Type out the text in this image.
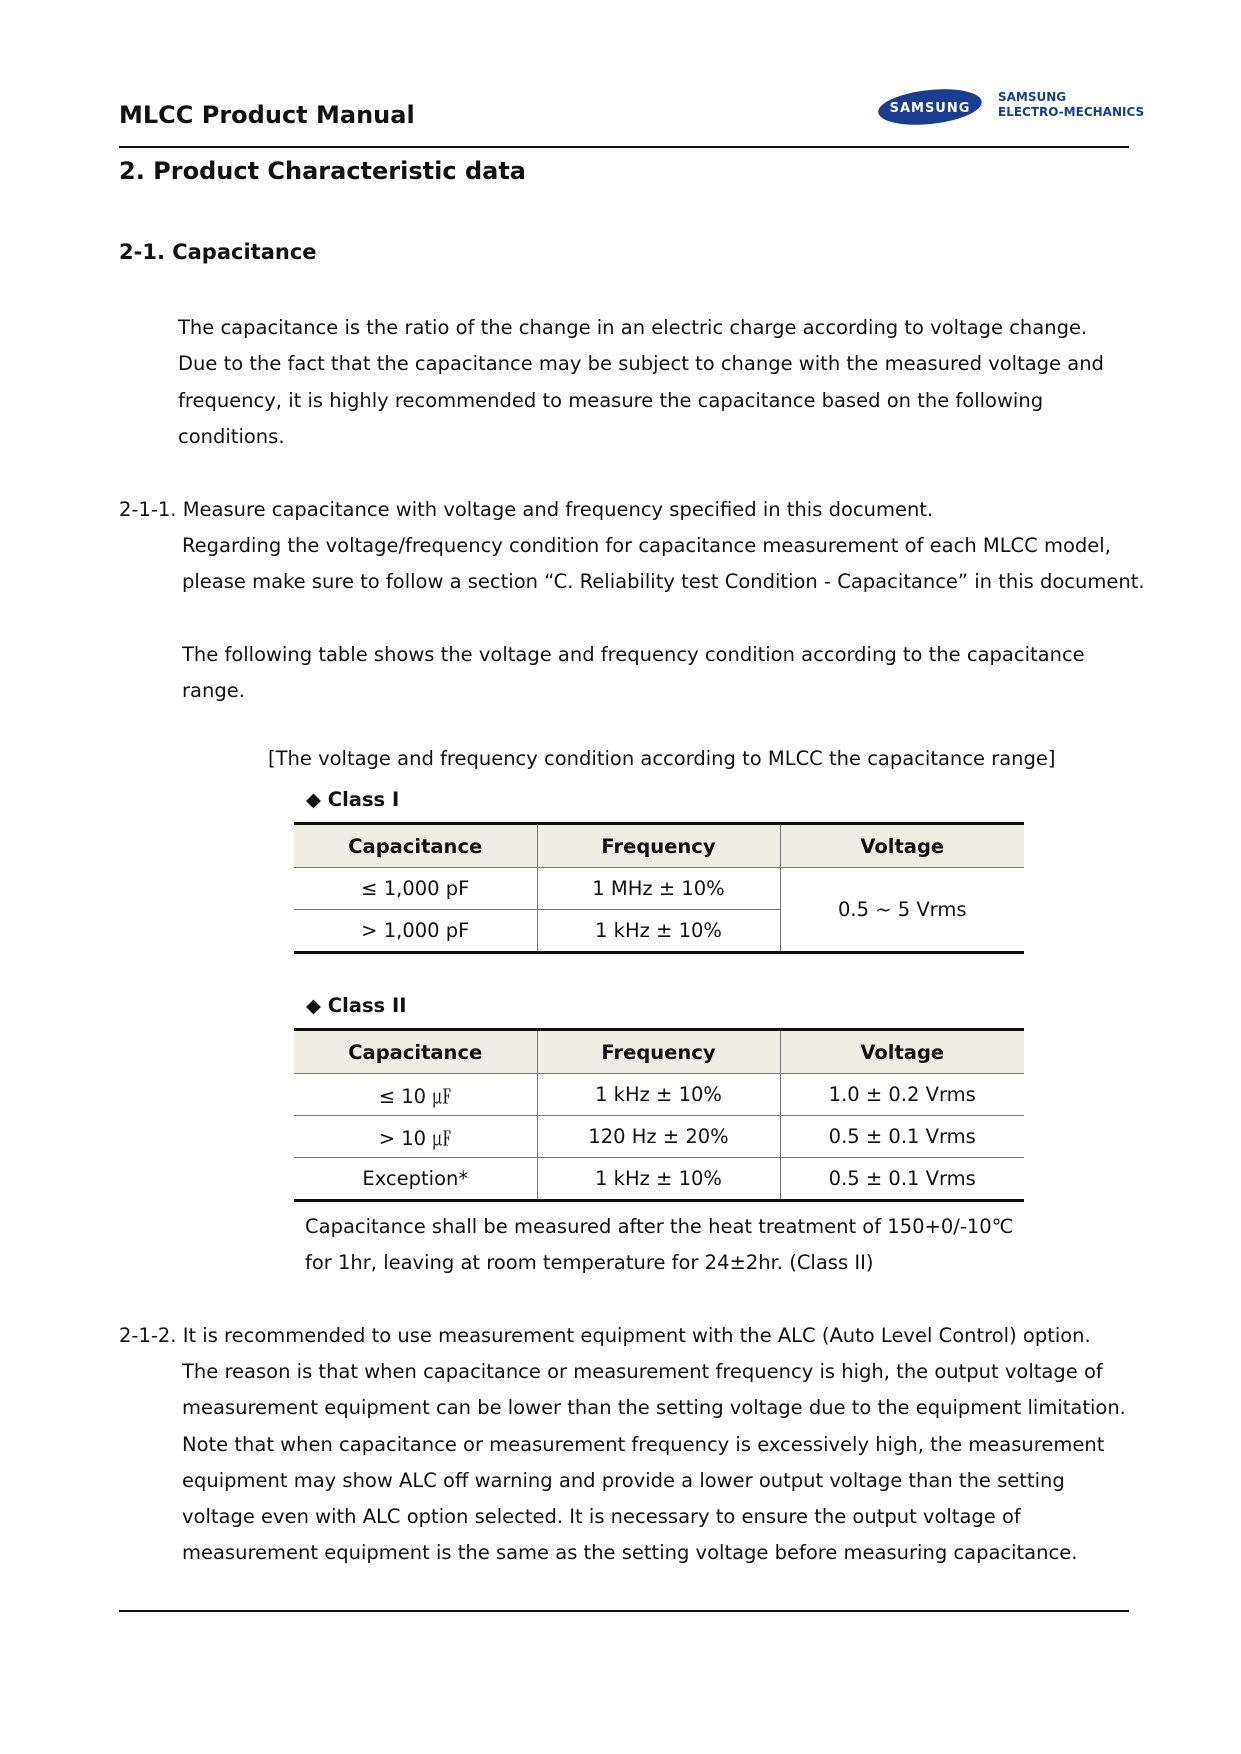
MLCC Product Manual	SAMSUNG
SAMSUNG
ELECTRO-MECHANICS
2. Product Characteristic data
2-1. Capacitance
The capacitance is the ratio of the change in an electric charge according to voltage change.
Due to the fact that the capacitance may be subject to change with the measured voltage and
frequency, it is highly recommended to measure the capacitance based on the following
conditions.
2-1-1. Measure capacitance with voltage and frequency specified in this document.
Regarding the voltage/frequency condition for capacitance measurement of each MLCC model,
please make sure to follow a section “C. Reliability test Condition - Capacitance” in this document.
The following table shows the voltage and frequency condition according to the capacitance
range.
[The voltage and frequency condition according to MLCC the capacitance range]
◆ Class I
Capacitance	Frequency	Voltage
≤ 1,000 pF	1 MHz ± 10%	0.5 ~ 5 Vrms
> 1,000 pF	1 kHz ± 10%	
◆ Class II
Capacitance	Frequency	Voltage
≤ 10 ㎌	1 kHz ± 10%	1.0 ± 0.2 Vrms
> 10 ㎌	120 Hz ± 20%	0.5 ± 0.1 Vrms
Exception*	1 kHz ± 10%	0.5 ± 0.1 Vrms
Capacitance shall be measured after the heat treatment of 150+0/-10℃
for 1hr, leaving at room temperature for 24±2hr. (Class II)
2-1-2. It is recommended to use measurement equipment with the ALC (Auto Level Control) option.
The reason is that when capacitance or measurement frequency is high, the output voltage of
measurement equipment can be lower than the setting voltage due to the equipment limitation.
Note that when capacitance or measurement frequency is excessively high, the measurement
equipment may show ALC off warning and provide a lower output voltage than the setting
voltage even with ALC option selected. It is necessary to ensure the output voltage of
measurement equipment is the same as the setting voltage before measuring capacitance.
